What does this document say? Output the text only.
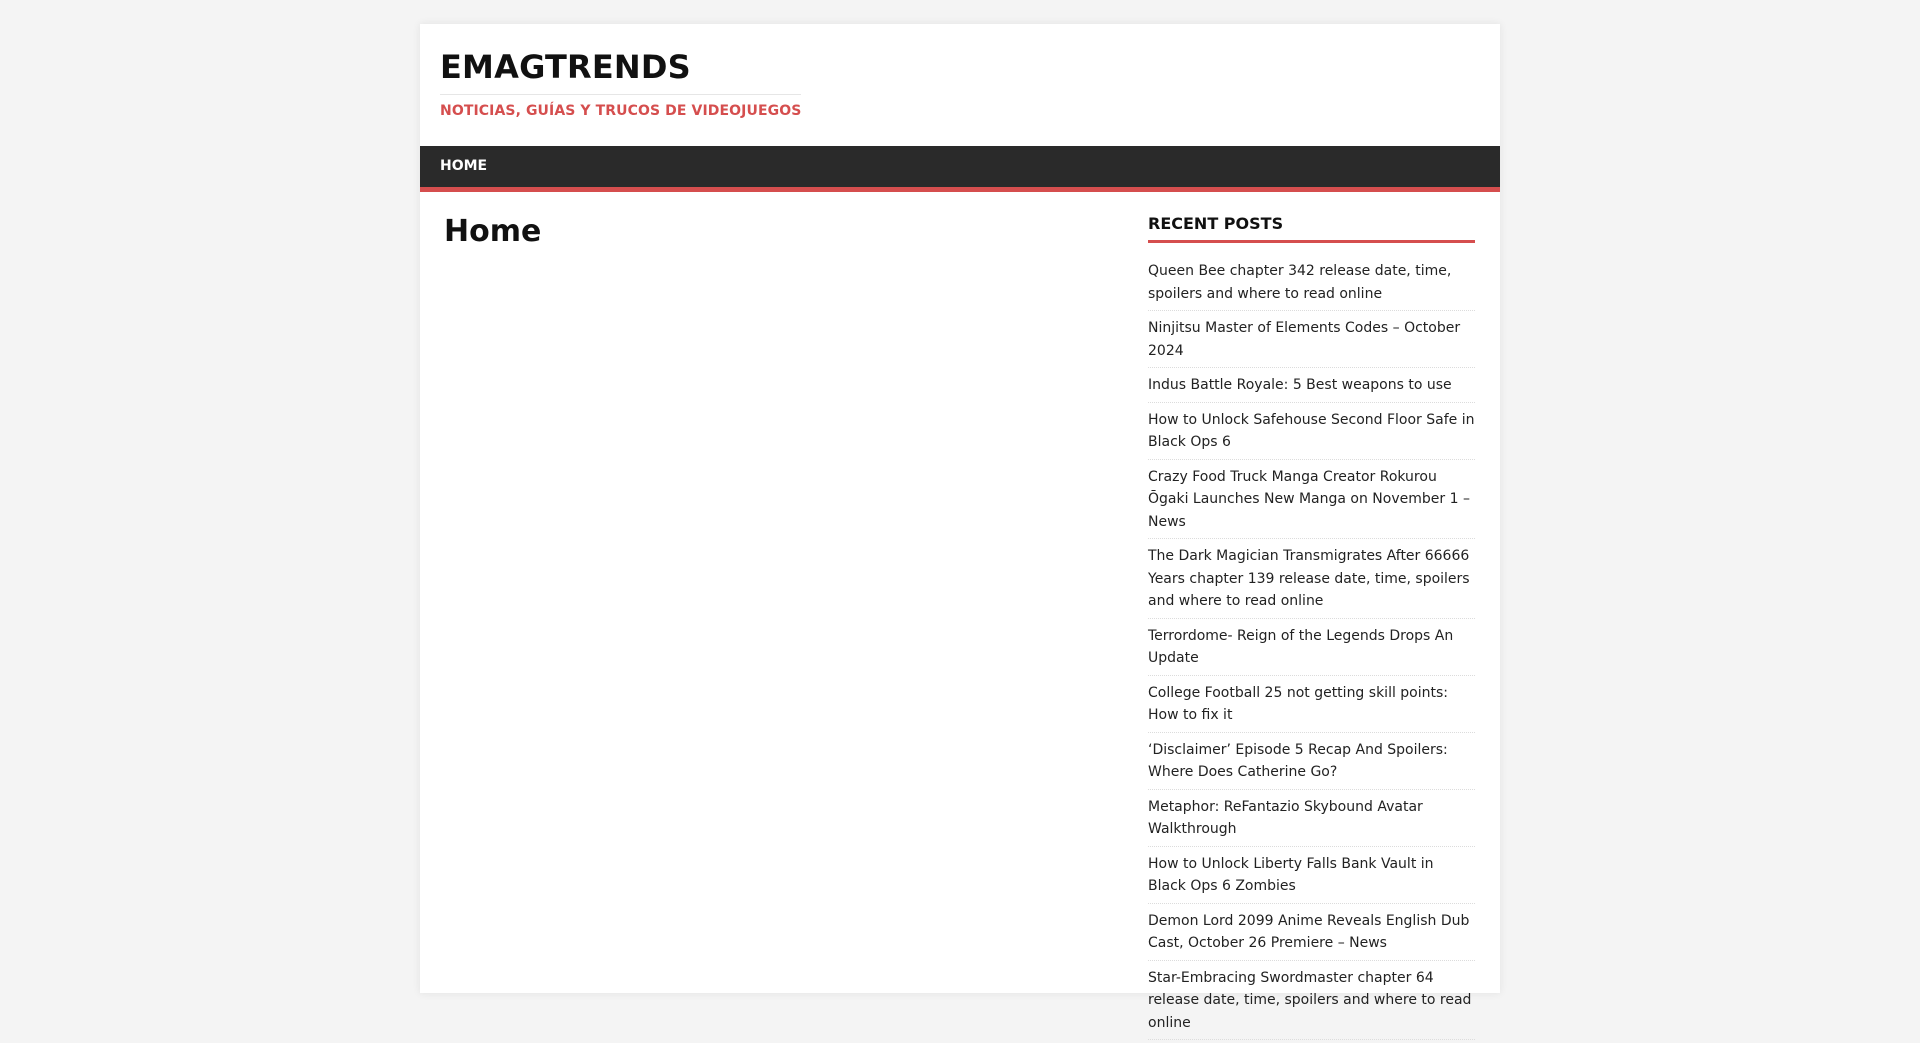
EMAGTRENDS
NOTICIAS, GUÍAS Y TRUCOS DE VIDEOJUEGOS
HOME
Home	RECENT POSTS
Queen Bee chapter 342 release date, time, spoilers and where to read online
Ninjitsu Master of Elements Codes – October 2024
Indus Battle Royale: 5 Best weapons to use
How to Unlock Safehouse Second Floor Safe in Black Ops 6
Crazy Food Truck Manga Creator Rokurou Ōgaki Launches New Manga on November 1 – News
The Dark Magician Transmigrates After 66666 Years chapter 139 release date, time, spoilers and where to read online
Terrordome- Reign of the Legends Drops An Update
College Football 25 not getting skill points: How to fix it
‘Disclaimer’ Episode 5 Recap And Spoilers: Where Does Catherine Go?
Metaphor: ReFantazio Skybound Avatar Walkthrough
How to Unlock Liberty Falls Bank Vault in Black Ops 6 Zombies
Demon Lord 2099 Anime Reveals English Dub Cast, October 26 Premiere – News
Star-Embracing Swordmaster chapter 64 release date, time, spoilers and where to read online
